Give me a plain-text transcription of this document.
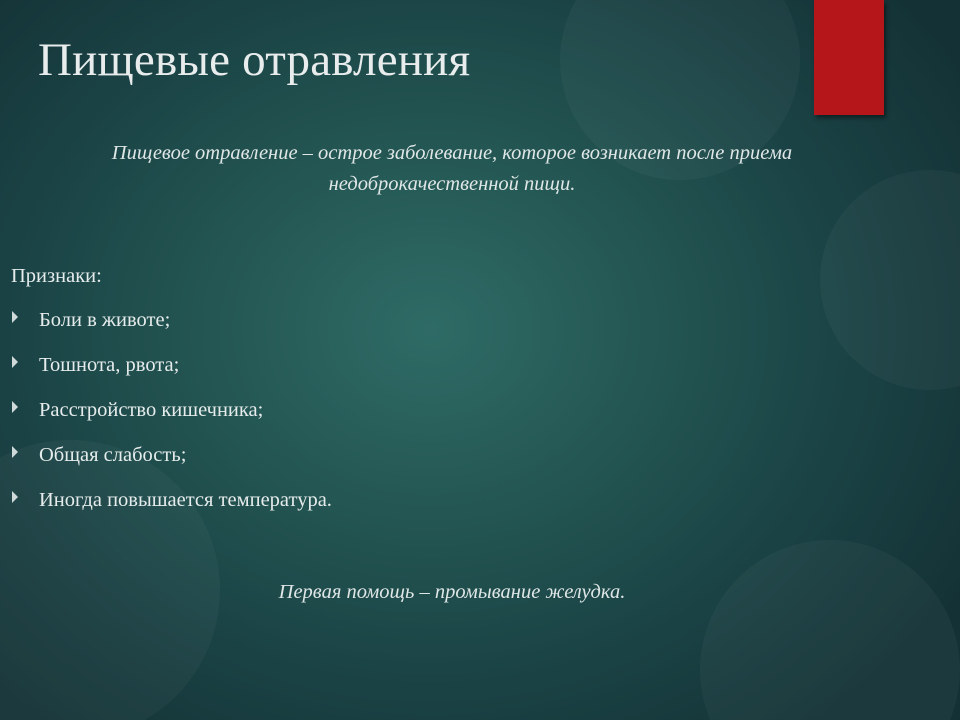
Пищевые отравления
Пищевое отравление – острое заболевание, которое возникает после приема недоброкачественной пищи.
Признаки:
Боли в животе;
Тошнота, рвота;
Расстройство кишечника;
Общая слабость;
Иногда повышается температура.
Первая помощь – промывание желудка.
